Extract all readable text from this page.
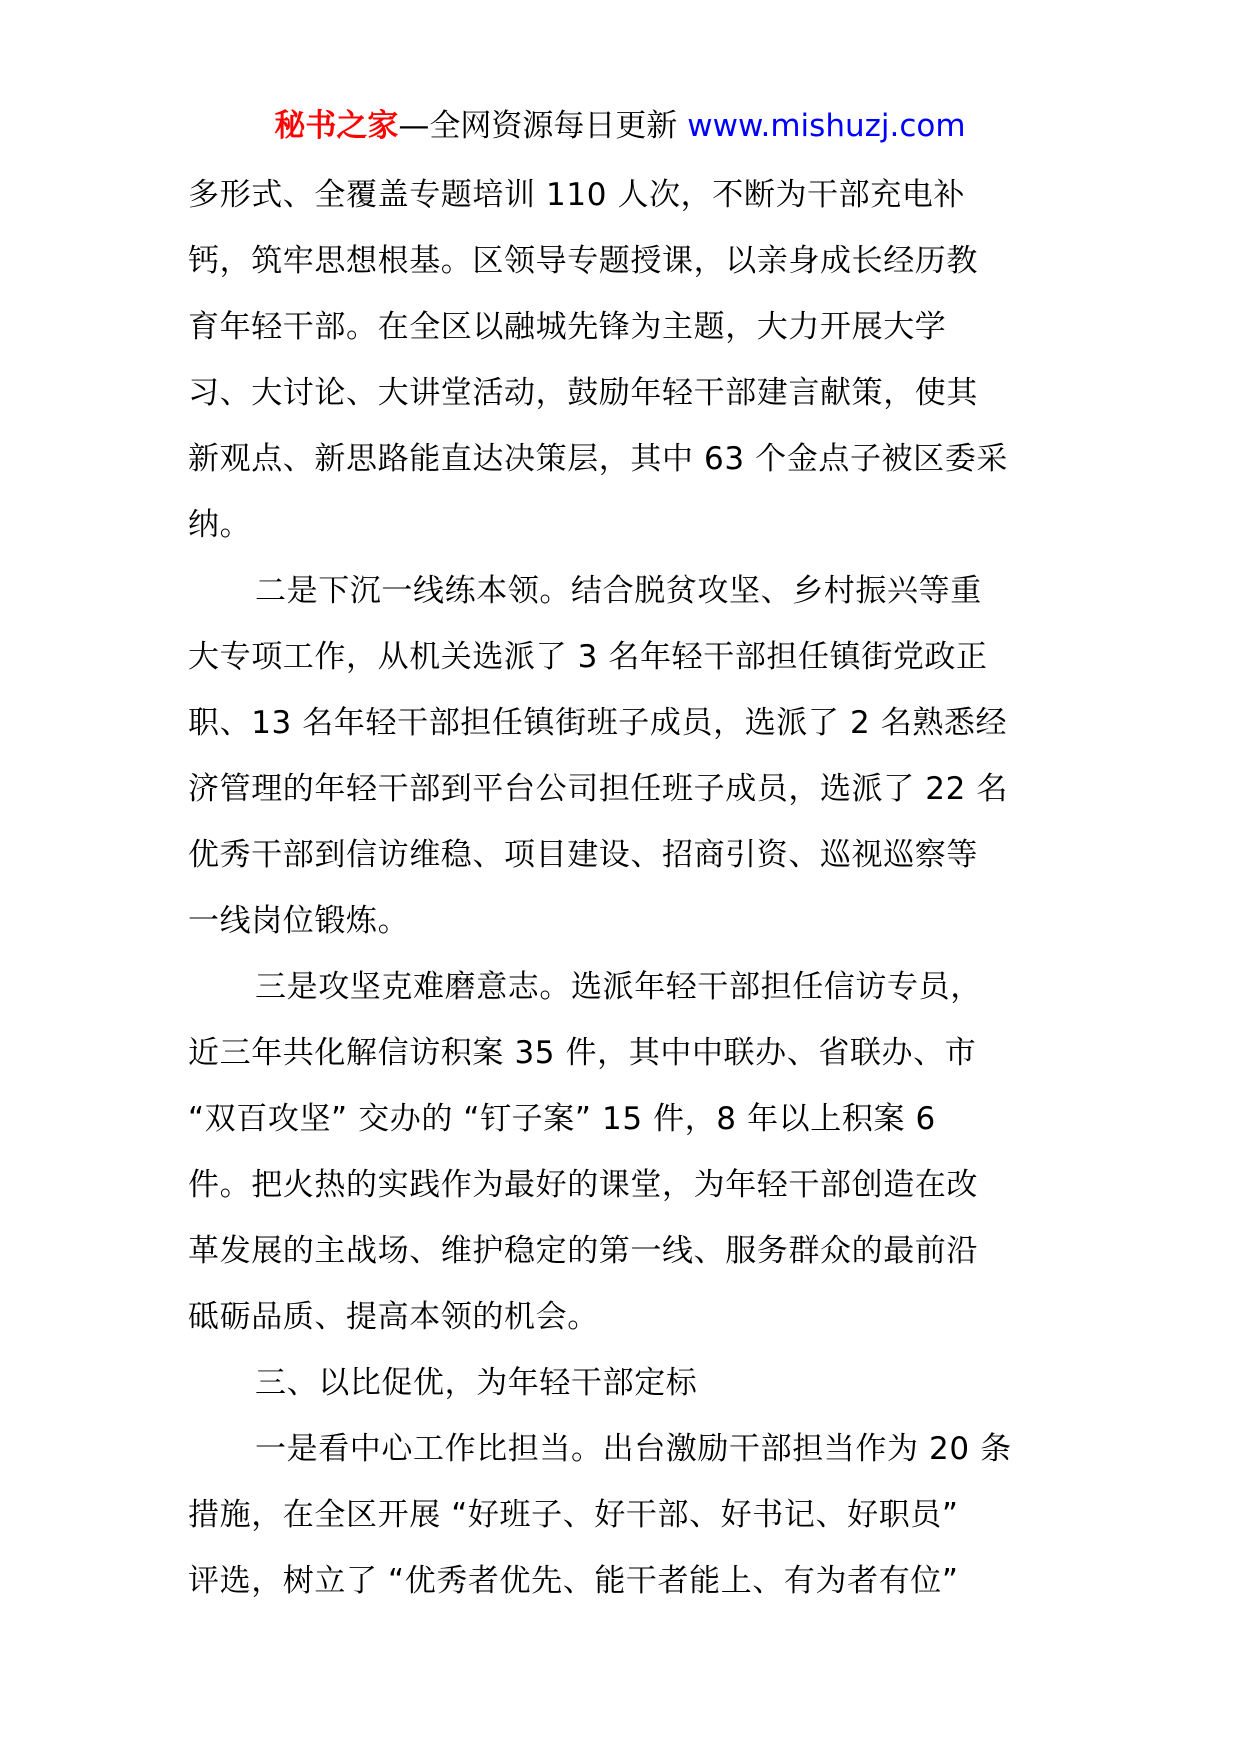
秘书之家—全网资源每日更新 www.mishuzj.com
多形式、全覆盖专题培训 110 人次，不断为干部充电补
钙，筑牢思想根基。区领导专题授课，以亲身成长经历教
育年轻干部。在全区以融城先锋为主题，大力开展大学
习、大讨论、大讲堂活动，鼓励年轻干部建言献策，使其
新观点、新思路能直达决策层，其中 63 个金点子被区委采
纳。
二是下沉一线练本领。结合脱贫攻坚、乡村振兴等重
大专项工作，从机关选派了 3 名年轻干部担任镇街党政正
职、13 名年轻干部担任镇街班子成员，选派了 2 名熟悉经
济管理的年轻干部到平台公司担任班子成员，选派了 22 名
优秀干部到信访维稳、项目建设、招商引资、巡视巡察等
一线岗位锻炼。
三是攻坚克难磨意志。选派年轻干部担任信访专员，
近三年共化解信访积案 35 件，其中中联办、省联办、市
“双百攻坚” 交办的 “钉子案” 15 件，8 年以上积案 6
件。把火热的实践作为最好的课堂，为年轻干部创造在改
革发展的主战场、维护稳定的第一线、服务群众的最前沿
砥砺品质、提高本领的机会。
三、以比促优，为年轻干部定标
一是看中心工作比担当。出台激励干部担当作为 20 条
措施，在全区开展 “好班子、好干部、好书记、好职员”
评选，树立了 “优秀者优先、能干者能上、有为者有位”
